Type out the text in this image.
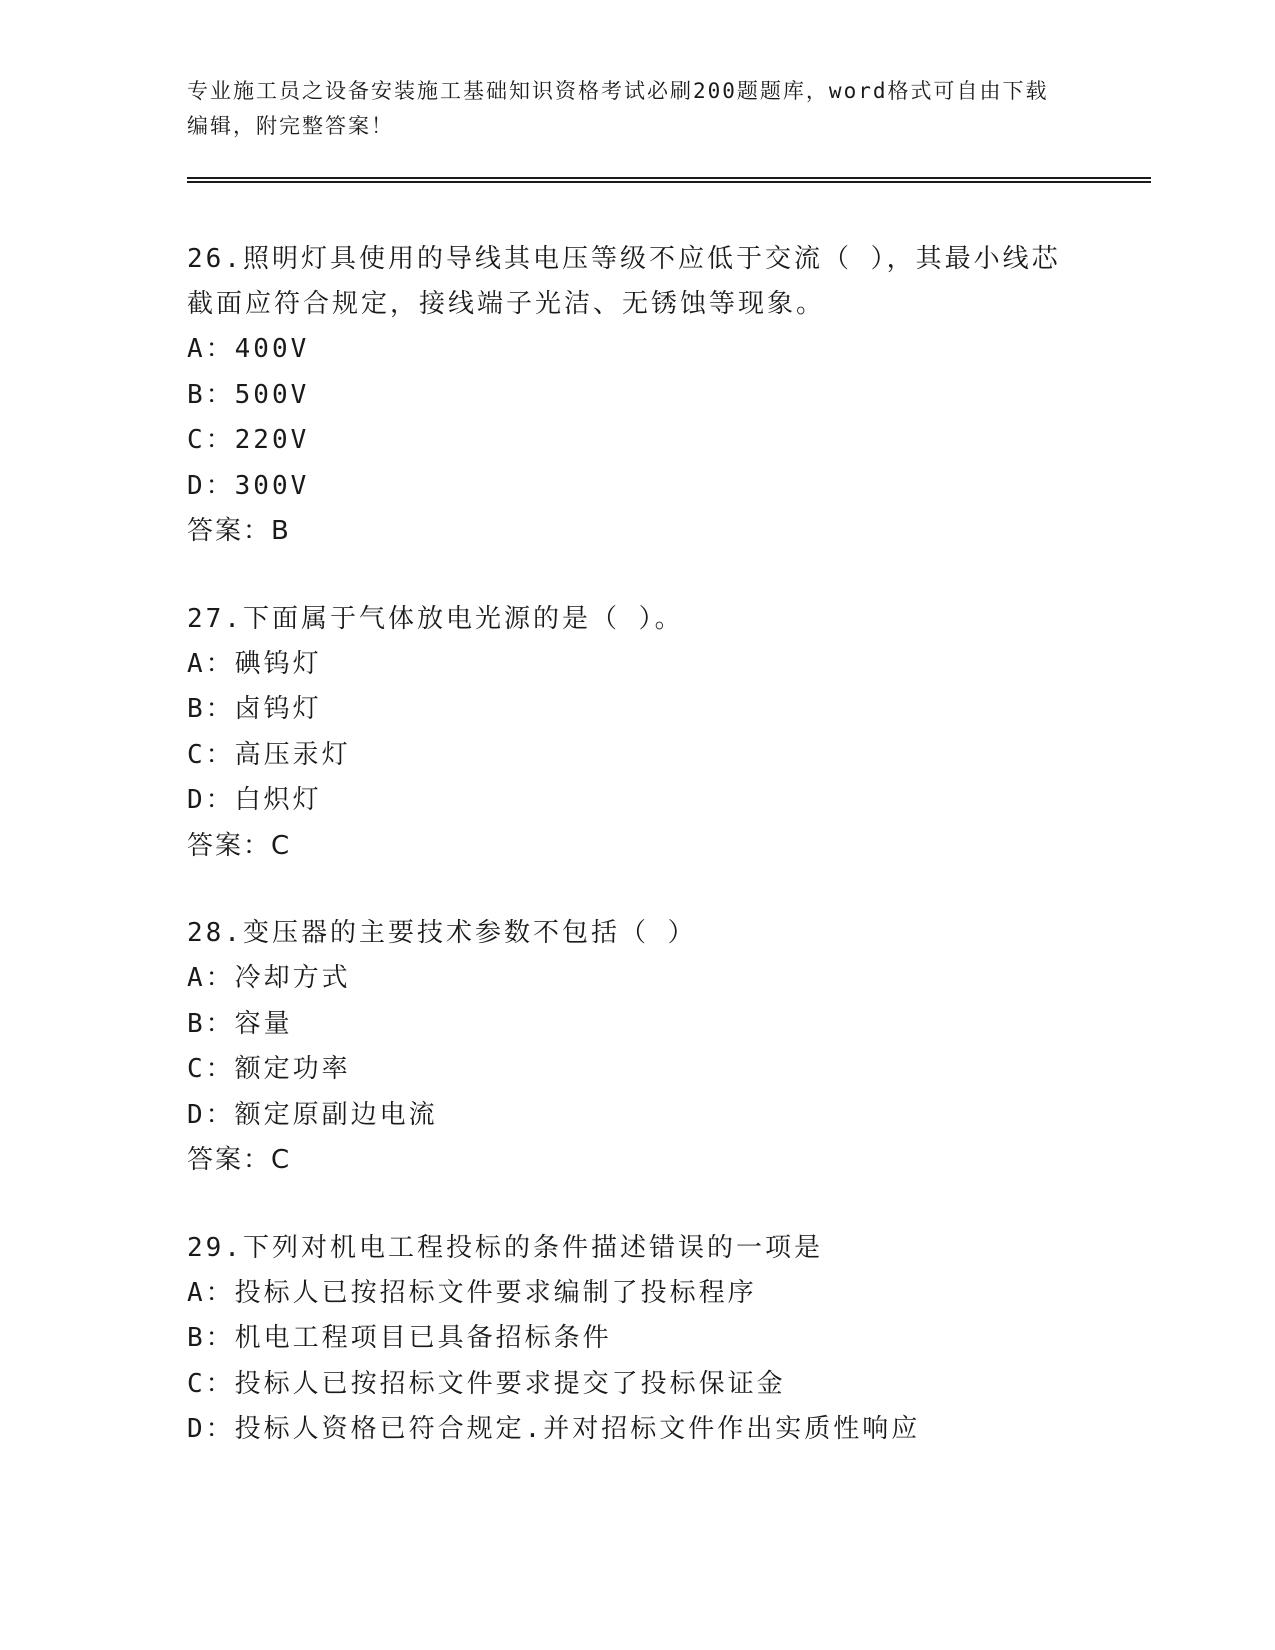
专业施工员之设备安装施工基础知识资格考试必刷200题题库，word格式可自由下载编辑，附完整答案！
26.照明灯具使用的导线其电压等级不应低于交流（ ），其最小线芯截面应符合规定，接线端子光洁、无锈蚀等现象。
A：400V
B：500V
C：220V
D：300V
答案：B
27.下面属于气体放电光源的是（ ）。
A：碘钨灯
B：卤钨灯
C：高压汞灯
D：白炽灯
答案：C
28.变压器的主要技术参数不包括（ ）
A：冷却方式
B：容量
C：额定功率
D：额定原副边电流
答案：C
29.下列对机电工程投标的条件描述错误的一项是
A：投标人已按招标文件要求编制了投标程序
B：机电工程项目已具备招标条件
C：投标人已按招标文件要求提交了投标保证金
D：投标人资格已符合规定.并对招标文件作出实质性响应
